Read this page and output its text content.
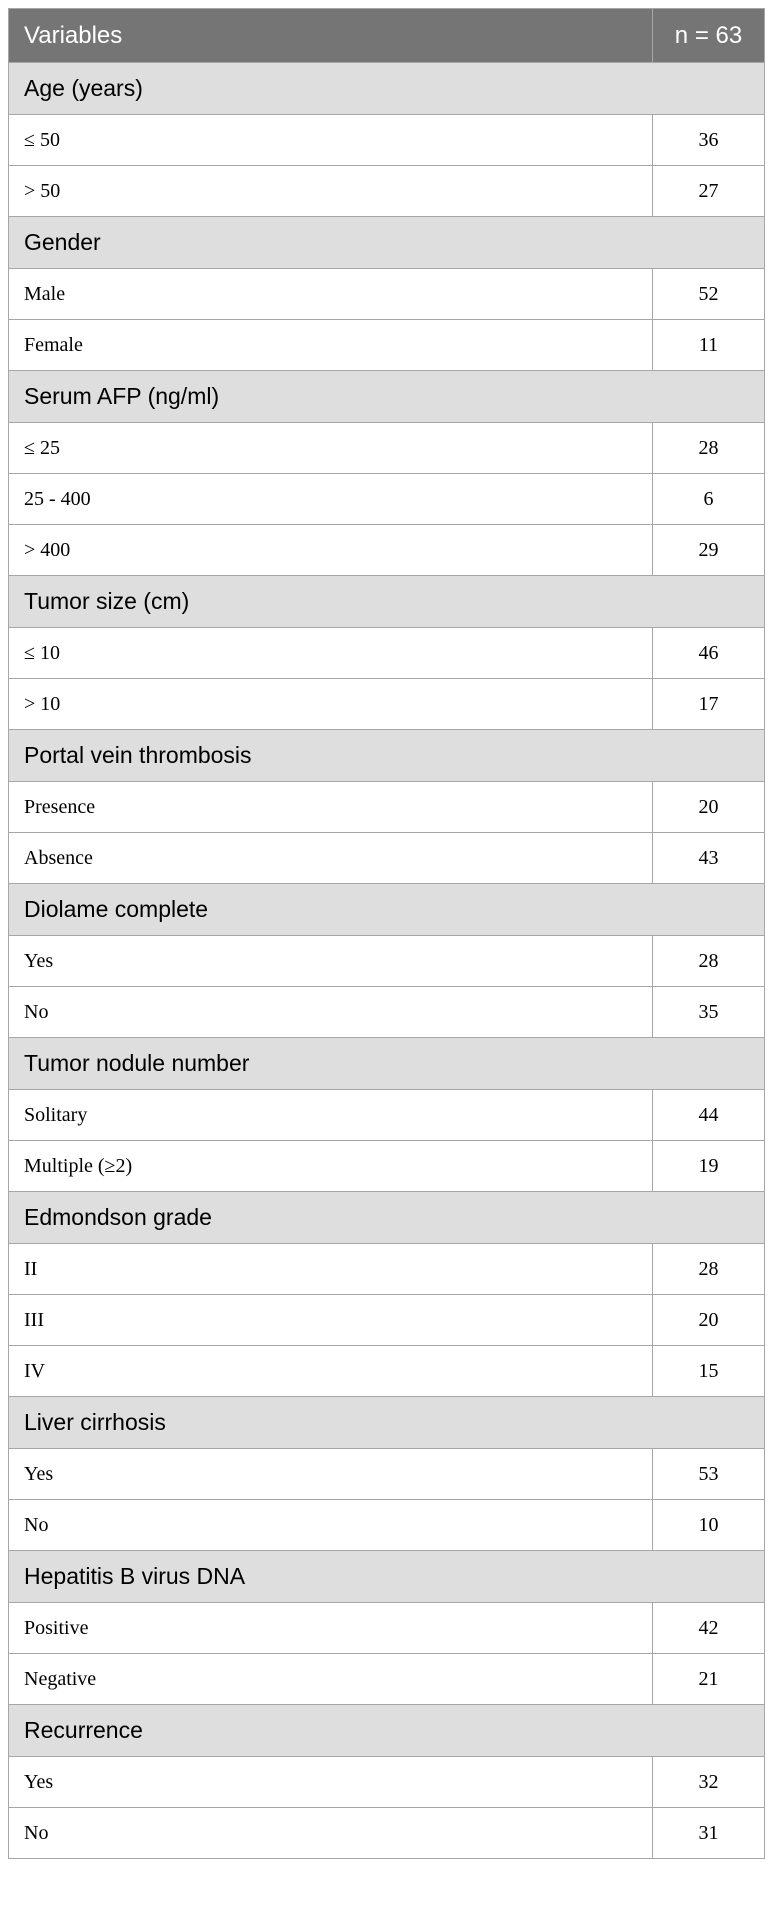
Variables	n = 63
Age (years)	
≤ 50	36
> 50	27
Gender	
Male	52
Female	11
Serum AFP (ng/ml)	
≤ 25	28
25 - 400	6
> 400	29
Tumor size (cm)	
≤ 10	46
> 10	17
Portal vein thrombosis	
Presence	20
Absence	43
Diolame complete	
Yes	28
No	35
Tumor nodule number	
Solitary	44
Multiple (≥2)	19
Edmondson grade	
II	28
III	20
IV	15
Liver cirrhosis	
Yes	53
No	10
Hepatitis B virus DNA	
Positive	42
Negative	21
Recurrence	
Yes	32
No	31
